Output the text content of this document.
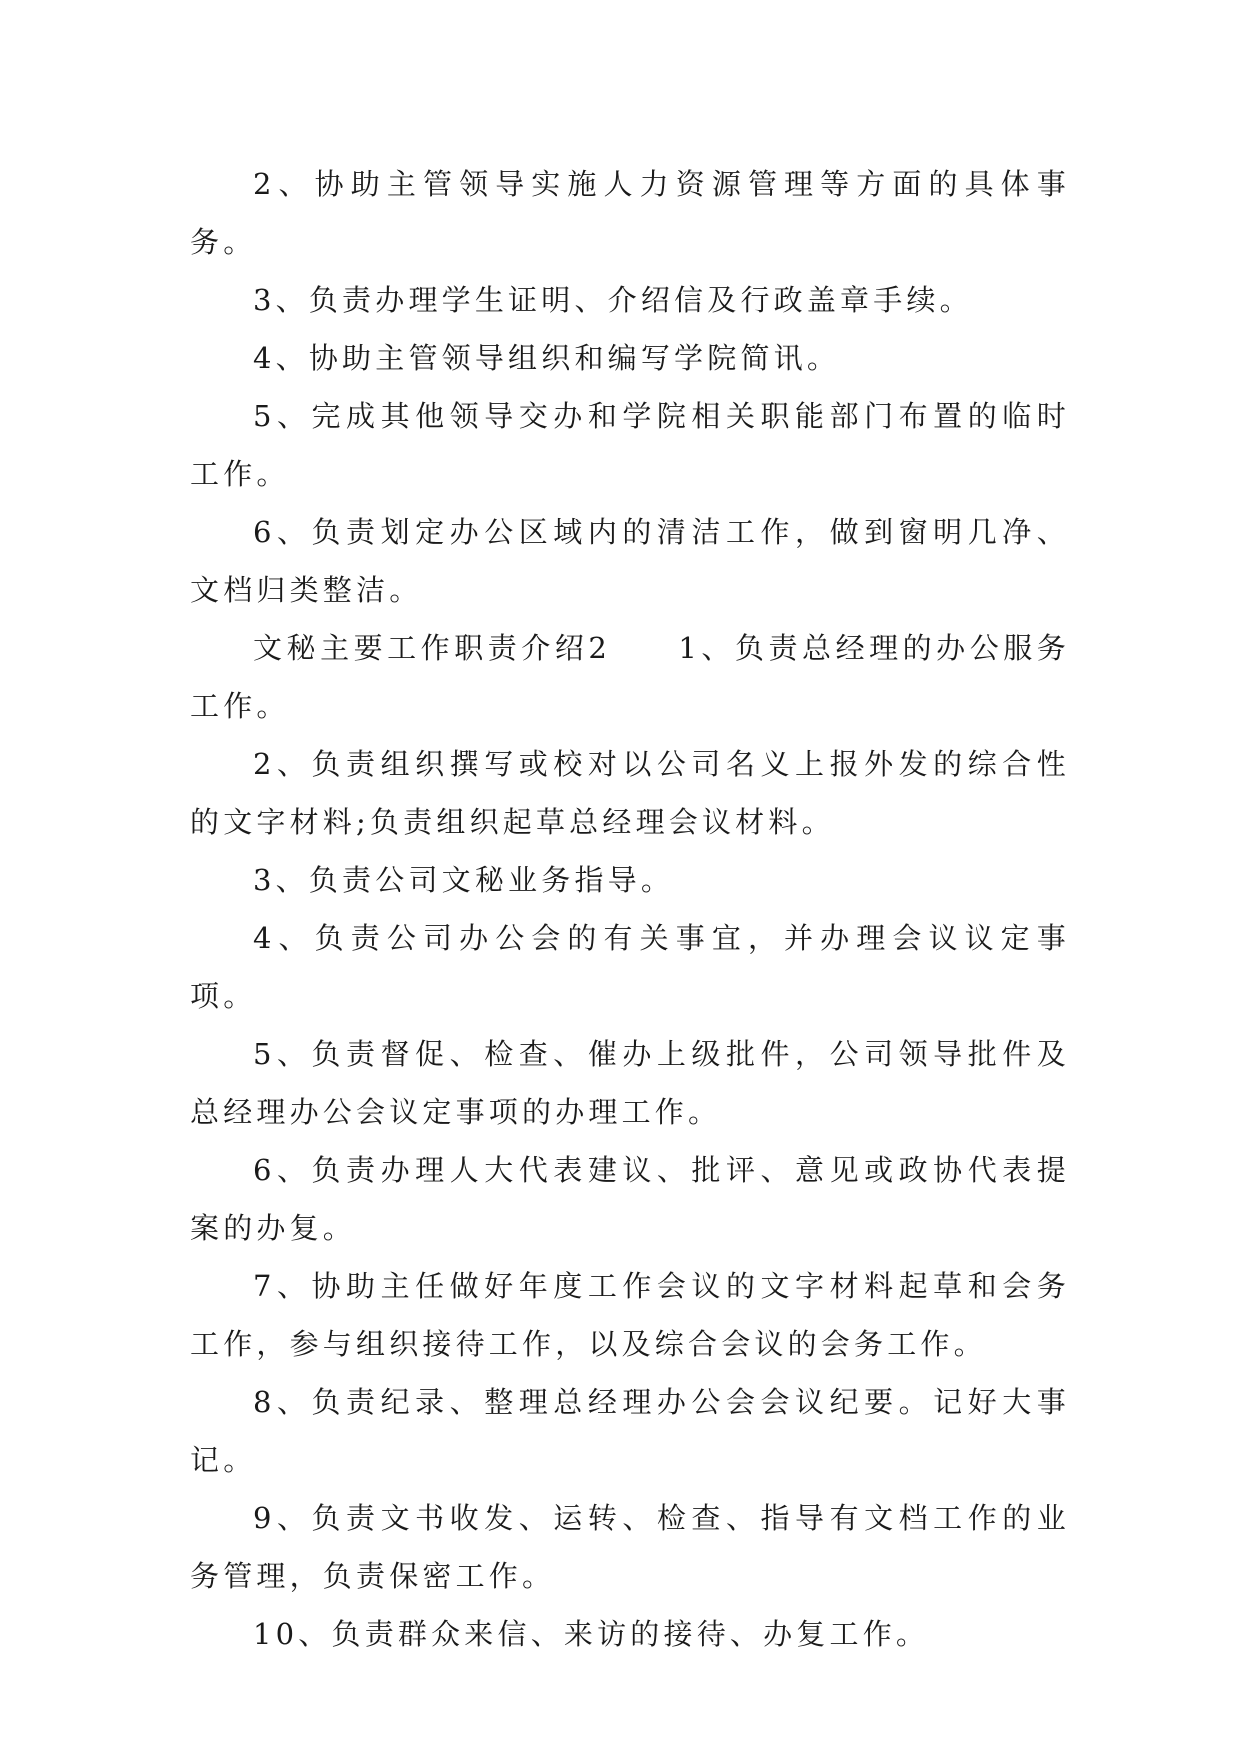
2、协助主管领导实施人力资源管理等方面的具体事务。

3、负责办理学生证明、介绍信及行政盖章手续。

4、协助主管领导组织和编写学院简讯。

5、完成其他领导交办和学院相关职能部门布置的临时工作。

6、负责划定办公区域内的清洁工作，做到窗明几净、文档归类整洁。

文秘主要工作职责介绍2　　1、负责总经理的办公服务工作。

2、负责组织撰写或校对以公司名义上报外发的综合性的文字材料;负责组织起草总经理会议材料。

3、负责公司文秘业务指导。

4、负责公司办公会的有关事宜，并办理会议议定事项。

5、负责督促、检查、催办上级批件，公司领导批件及总经理办公会议定事项的办理工作。

6、负责办理人大代表建议、批评、意见或政协代表提案的办复。

7、协助主任做好年度工作会议的文字材料起草和会务工作，参与组织接待工作，以及综合会议的会务工作。

8、负责纪录、整理总经理办公会会议纪要。记好大事记。

9、负责文书收发、运转、检查、指导有文档工作的业务管理，负责保密工作。

10、负责群众来信、来访的接待、办复工作。
